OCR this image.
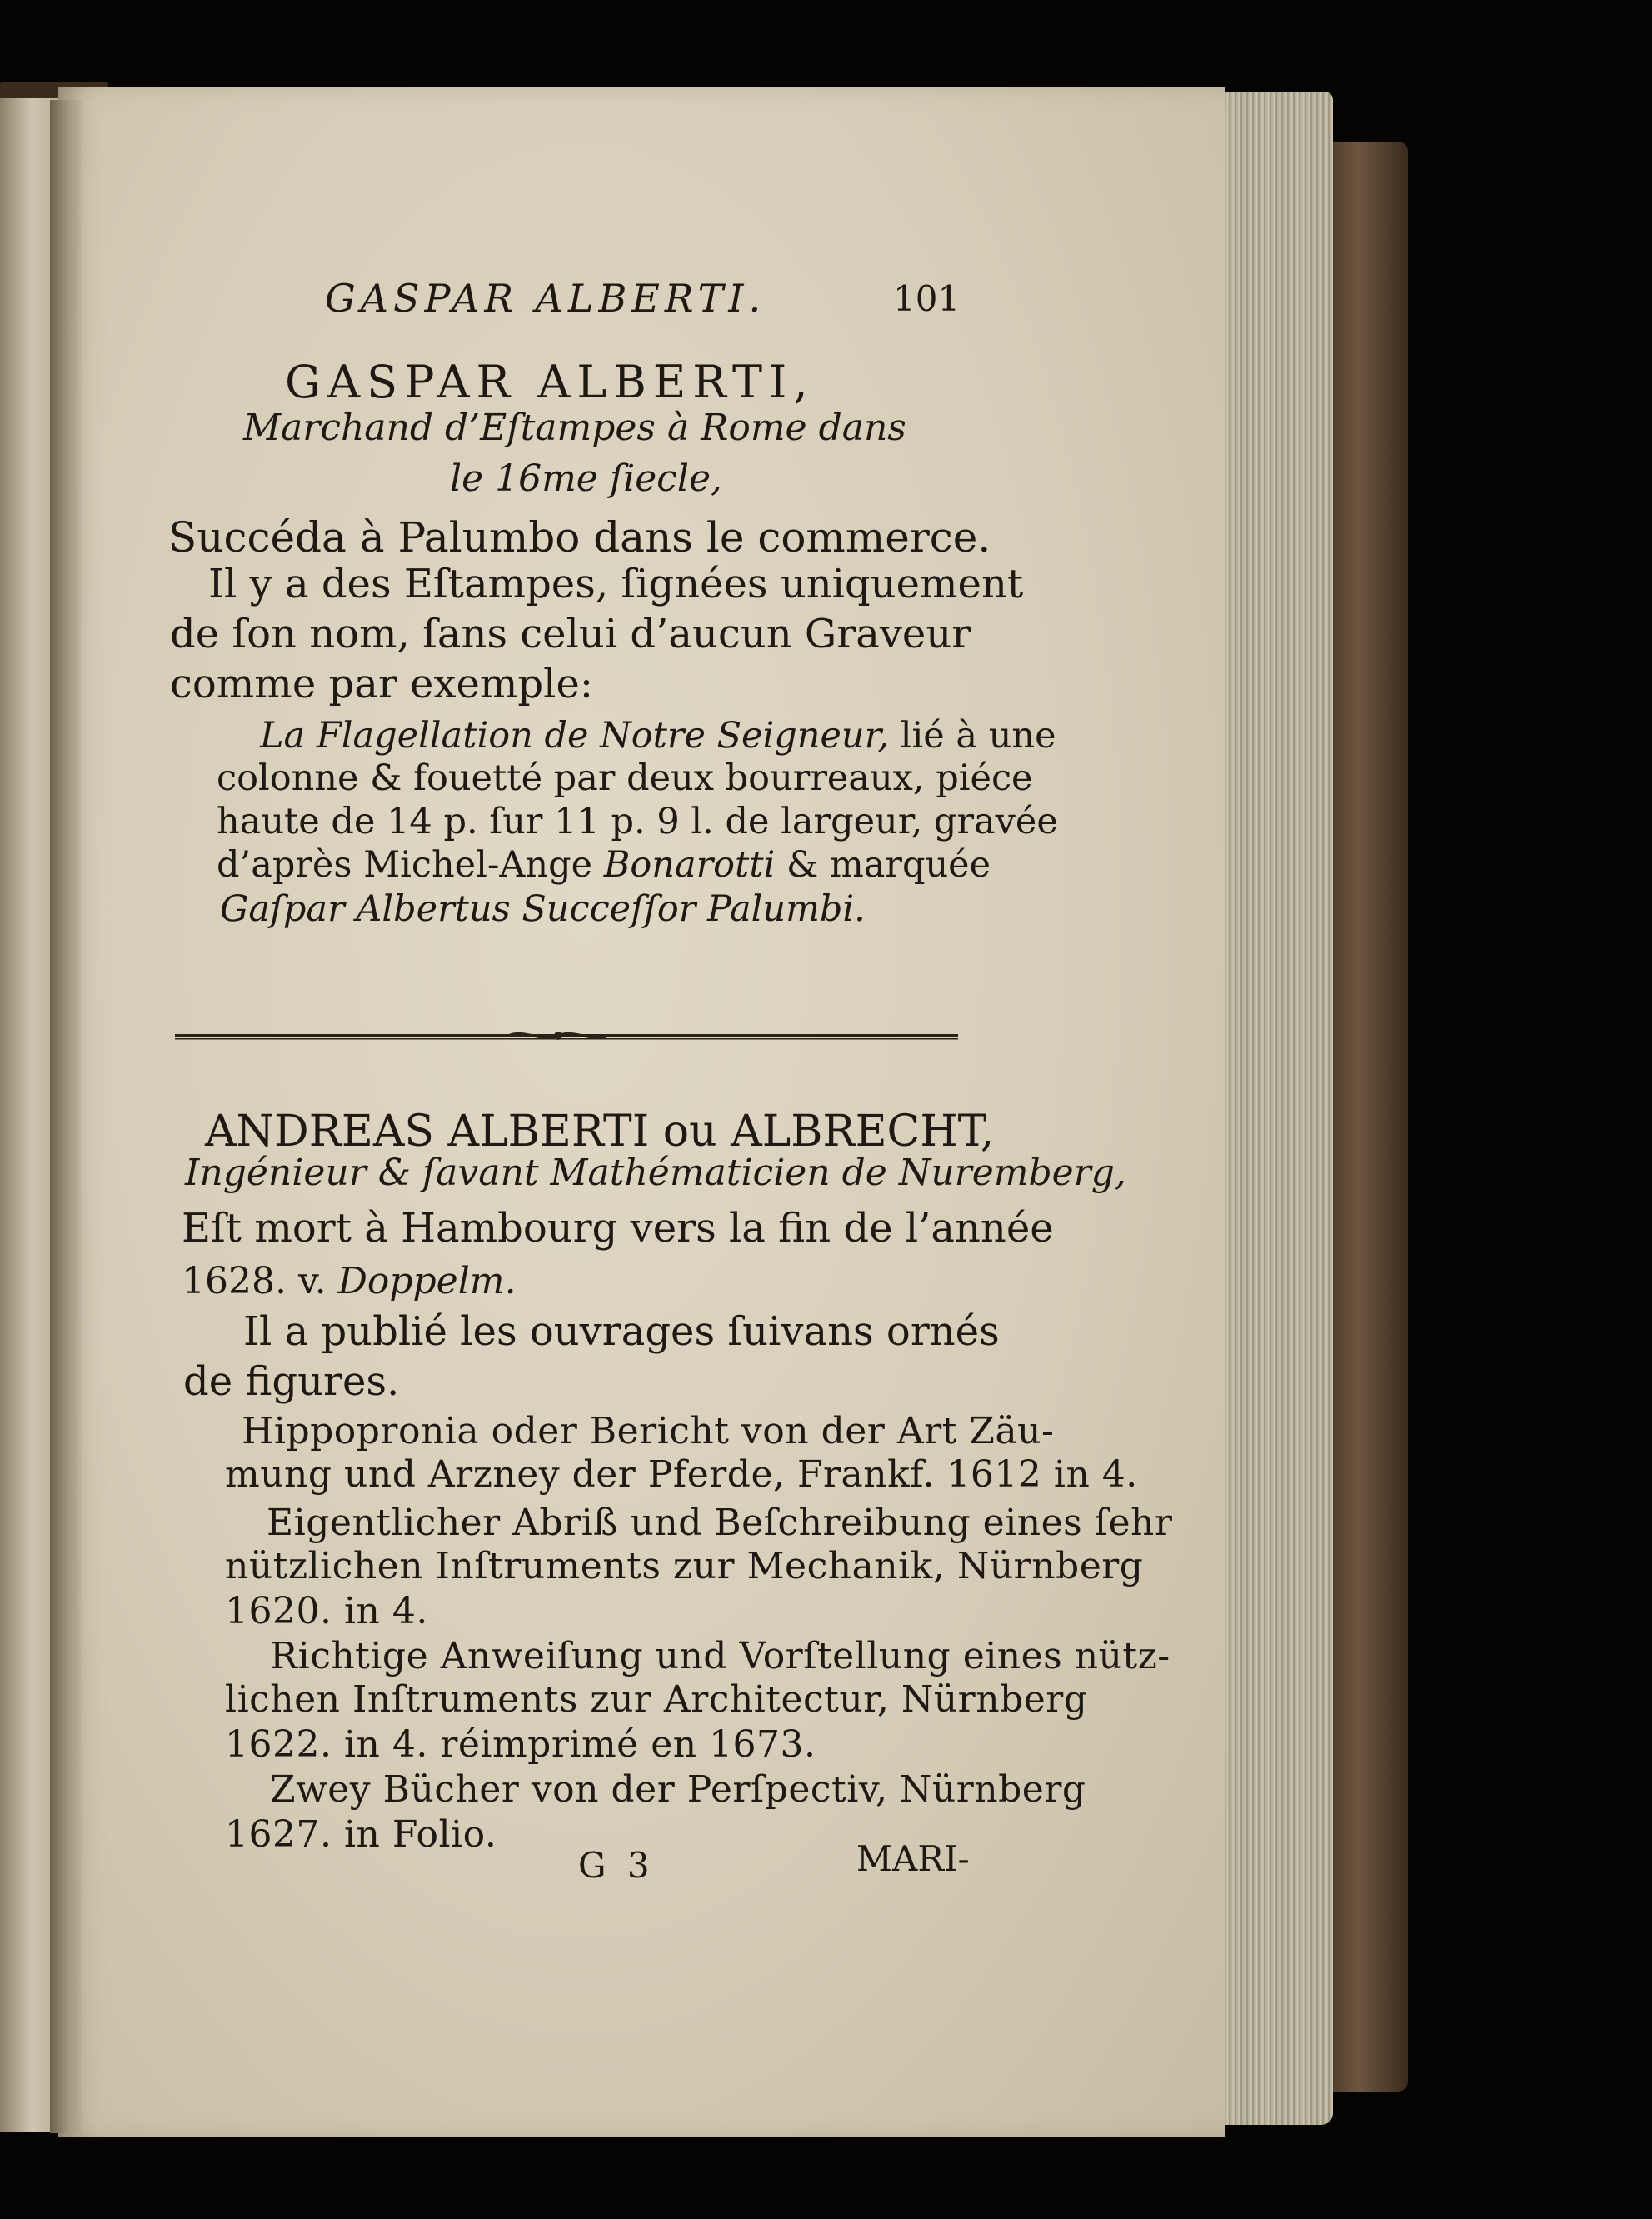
GASPAR ALBERTI.	101
GASPAR ALBERTI,
Marchand d’Eſtampes à Rome dans
le 16me ſiecle,
Succéda à Palumbo dans le commerce.
Il y a des Eſtampes, ſignées uniquement
de ſon nom, ſans celui d’aucun Graveur
comme par exemple:
La Flagellation de Notre Seigneur, lié à une
colonne & fouetté par deux bourreaux, piéce
haute de 14 p. ſur 11 p. 9 l. de largeur, gravée
d’après Michel-Ange Bonarotti & marquée
Gaſpar Albertus Succeſſor Palumbi.
ANDREAS ALBERTI ou ALBRECHT,
Ingénieur & ſavant Mathématicien de Nuremberg,
Eſt mort à Hambourg vers la fin de l’année
1628. v. Doppelm.
Il a publié les ouvrages ſuivans ornés
de figures.
Hippopronia oder Bericht von der Art Zäu-
mung und Arzney der Pferde, Frankf. 1612 in 4.
Eigentlicher Abriß und Beſchreibung eines ſehr
nützlichen Inſtruments zur Mechanik, Nürnberg
1620. in 4.
Richtige Anweiſung und Vorſtellung eines nütz-
lichen Inſtruments zur Architectur, Nürnberg
1622. in 4. réimprimé en 1673.
Zwey Bücher von der Perſpectiv, Nürnberg
1627. in Folio.
G 3	MARI-
